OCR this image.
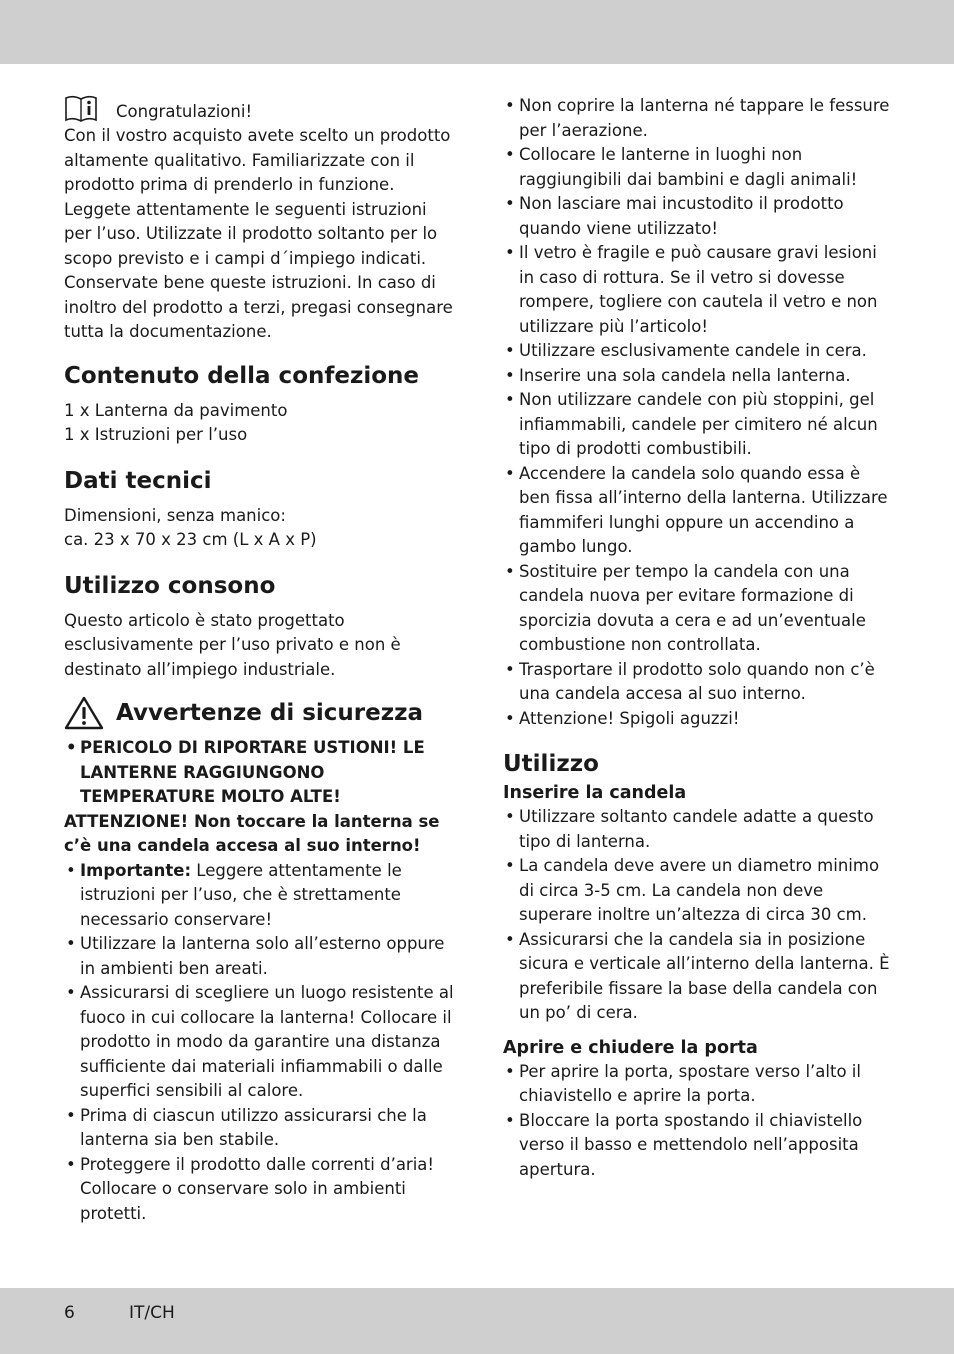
Congratulazioni!

Con il vostro acquisto avete scelto un prodotto altamente qualitativo. Familiarizzate con il prodotto prima di prenderlo in funzione.

Leggete attentamente le seguenti istruzioni per l’uso. Utilizzate il prodotto soltanto per lo scopo previsto e i campi d´impiego indicati.

Conservate bene queste istruzioni. In caso di inoltro del prodotto a terzi, pregasi consegnare tutta la documentazione.

Contenuto della confezione

1 x Lanterna da pavimento

1 x Istruzioni per l’uso

Dati tecnici

Dimensioni, senza manico:

ca. 23 x 70 x 23 cm (L x A x P)

Utilizzo consono

Questo articolo è stato progettato esclusivamente per l’uso privato e non è destinato all’impiego industriale.

Avvertenze di sicurezza
• PERICOLO DI RIPORTARE USTIONI! LE LANTERNE RAGGIUNGONO TEMPERATURE MOLTO ALTE!

ATTENZIONE! Non toccare la lanterna se c’è una candela accesa al suo interno!

• Importante: Leggere attentamente le istruzioni per l’uso, che è strettamente necessario conservare!
• Utilizzare la lanterna solo all’esterno oppure in ambienti ben areati.
• Assicurarsi di scegliere un luogo resistente al fuoco in cui collocare la lanterna! Collocare il prodotto in modo da garantire una distanza sufficiente dai materiali infiammabili o dalle superfici sensibili al calore.
• Prima di ciascun utilizzo assicurarsi che la lanterna sia ben stabile.
• Proteggere il prodotto dalle correnti d’aria! Collocare o conservare solo in ambienti protetti.
• Non coprire la lanterna né tappare le fessure per l’aerazione.
• Collocare le lanterne in luoghi non raggiungibili dai bambini e dagli animali!
• Non lasciare mai incustodito il prodotto quando viene utilizzato!
• Il vetro è fragile e può causare gravi lesioni in caso di rottura. Se il vetro si dovesse rompere, togliere con cautela il vetro e non utilizzare più l’articolo!
• Utilizzare esclusivamente candele in cera.
• Inserire una sola candela nella lanterna.
• Non utilizzare candele con più stoppini, gel infiammabili, candele per cimitero né alcun tipo di prodotti combustibili.
• Accendere la candela solo quando essa è ben fissa all’interno della lanterna. Utilizzare fiammiferi lunghi oppure un accendino a gambo lungo.
• Sostituire per tempo la candela con una candela nuova per evitare formazione di sporcizia dovuta a cera e ad un’eventuale combustione non controllata.
• Trasportare il prodotto solo quando non c’è una candela accesa al suo interno.
• Attenzione! Spigoli aguzzi!
Utilizzo
Inserire la candela
• Utilizzare soltanto candele adatte a questo tipo di lanterna.
• La candela deve avere un diametro minimo di circa 3-5 cm. La candela non deve superare inoltre un’altezza di circa 30 cm.
• Assicurarsi che la candela sia in posizione sicura e verticale all’interno della lanterna. È preferibile fissare la base della candela con un po’ di cera.
Aprire e chiudere la porta
• Per aprire la porta, spostare verso l’alto il chiavistello e aprire la porta.
• Bloccare la porta spostando il chiavistello verso il basso e mettendolo nell’apposita apertura.
6	IT/CH
